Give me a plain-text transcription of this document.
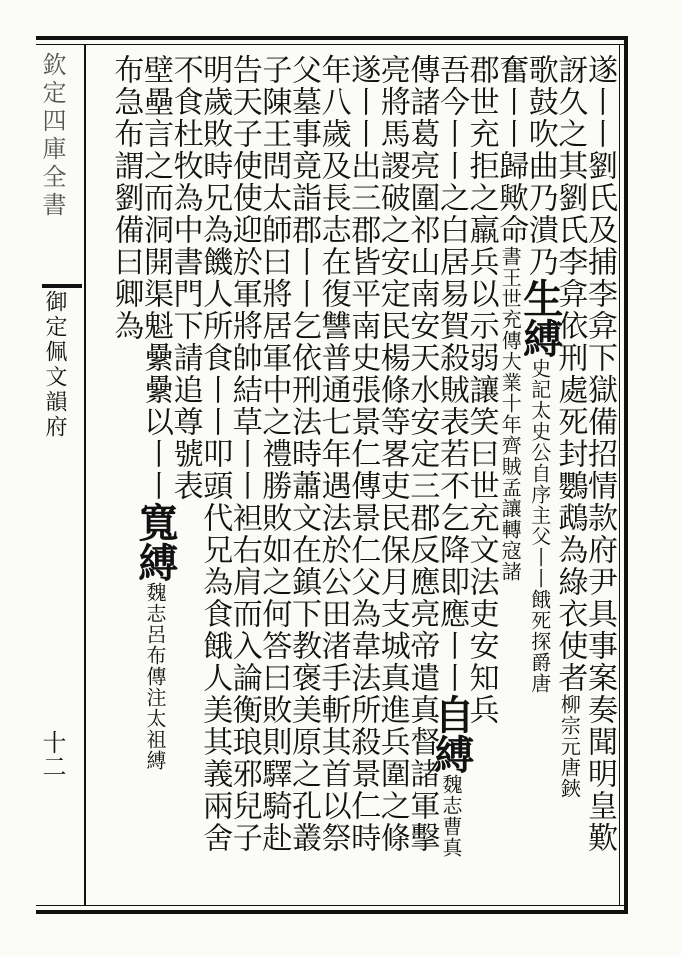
欽定四庫全書
御定佩文韻府
十二	遂丨丨劉氏及捕李弇下獄備招情款府尹具事案奏聞明皇歎
訝久之其劉氏李弇依刑處死封鸚鵡為綠衣使者柳宗元唐鋏
歌鼓吹曲乃潰乃生縛史記太史公自序主父丨丨餓死探爵唐
奮丨丨歸歟命書王世充傳大業十年齊賊孟讓轉寇諸
郡世充拒之羸兵以示弱讓笑曰世充文法吏安知兵
吾今丨丨之白居易賀殺賊表若不乞降即應丨丨自縛魏志曹真
傳諸葛亮圍祁山南安天水安定三郡反應亮帝遣真督諸軍擊
亮將馬謖破之安定民楊條等畧吏民保月支城真進兵圍之條
遂丨丨出三郡皆平南史張景仁傳景仁父為韋法所殺景仁時
年八歲及長志在復讐普通七年遇法於公田渚手斬其首以祭
父墓事竟詣郡丨丨乞依刑法時蕭文在鎮下教褒美原之孔叢
子陳王問太師曰將居軍中之禮勝敗如之何答曰敗則驛騎赴
告天子使使迎於軍將帥結草丨丨袒右肩而入論衡琅邪兒子
明歲敗時兄為饑人所食丨丨叩頭代兄為食餓人美其義兩舍
不食杜牧為中書門下請追尊號表
壁壘言之而洞開渠魁纍纍以丨丨寬縛魏志呂布傳注太祖縛
布急布謂劉備曰卿為
